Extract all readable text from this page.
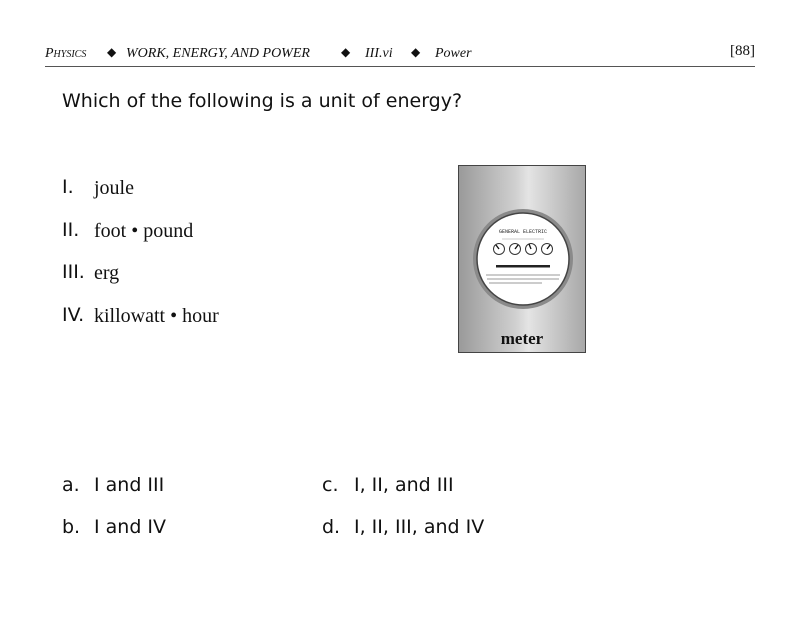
Physics ◆ WORK, ENERGY, AND POWER	◆ III.vi ◆ Power	[88]
Which of the following is a unit of energy?
I. joule
II. foot • pound
III. erg
IV. killowatt • hour
GENERAL ELECTRIC
meter
a. I and III
b. I and IV
c. I, II, and III
d. I, II, III, and IV
